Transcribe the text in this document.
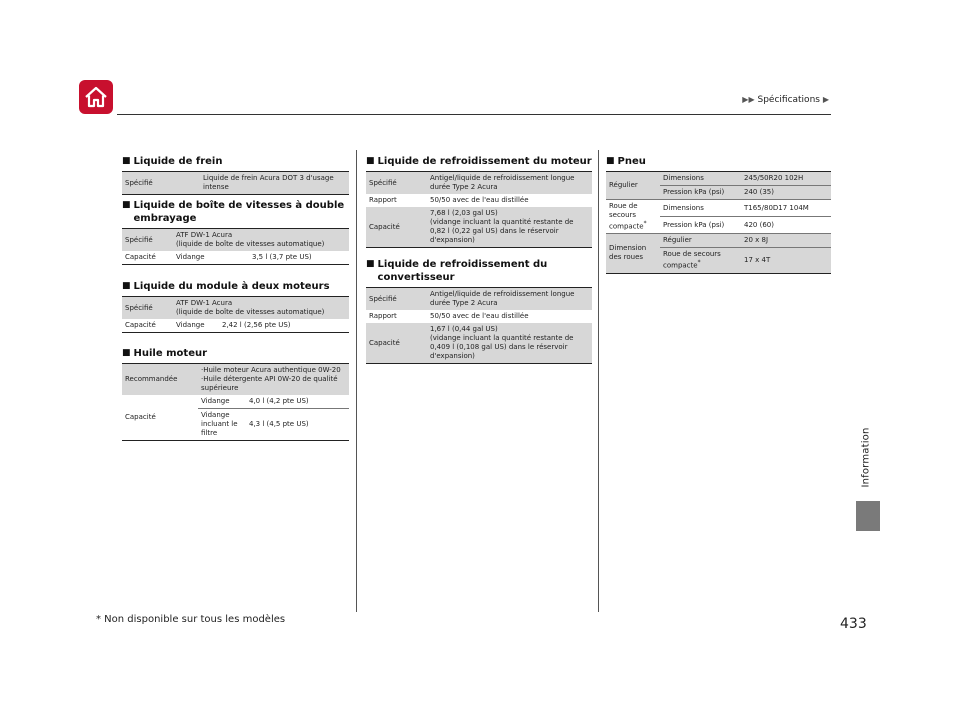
▶▶ Spécifications ▶
Information
■ Liquide de frein
Spécifié	Liquide de frein Acura DOT 3 d'usage intense
■ Liquide de boîte de vitesses à double embrayage
Spécifié	ATF DW-1 Acura
(liquide de boîte de vitesses automatique)	

Capacité	Vidange	3,5 l (3,7 pte US)
■ Liquide du module à deux moteurs
Spécifié	ATF DW-1 Acura
(liquide de boîte de vitesses automatique)	

Capacité	Vidange	2,42 l (2,56 pte US)
■ Huile moteur
Recommandée	·Huile moteur Acura authentique 0W-20
·Huile détergente API 0W-20 de qualité supérieure	

Capacité	Vidange	4,0 l (4,2 pte US)
	Vidange incluant le filtre	4,3 l (4,5 pte US)
■ Liquide de refroidissement du moteur
Spécifié	Antigel/liquide de refroidissement longue durée Type 2 Acura
Rapport	50/50 avec de l'eau distillée
Capacité	7,68 l (2,03 gal US)
(vidange incluant la quantité restante de 0,82 l (0,22 gal US) dans le réservoir d'expansion)
■ Liquide de refroidissement du convertisseur
Spécifié	Antigel/liquide de refroidissement longue durée Type 2 Acura
Rapport	50/50 avec de l'eau distillée
Capacité	1,67 l (0,44 gal US)
(vidange incluant la quantité restante de 0,409 l (0,108 gal US) dans le réservoir d'expansion)
■ Pneu
Régulier	Dimensions	245/50R20 102H
	Pression kPa (psi)	240 (35)
Roue de secours compacte*	Dimensions	T165/80D17 104M
	Pression kPa (psi)	420 (60)
Dimension des roues	Régulier	20 x 8J
	Roue de secours compacte*	17 x 4T
* Non disponible sur tous les modèles	433
